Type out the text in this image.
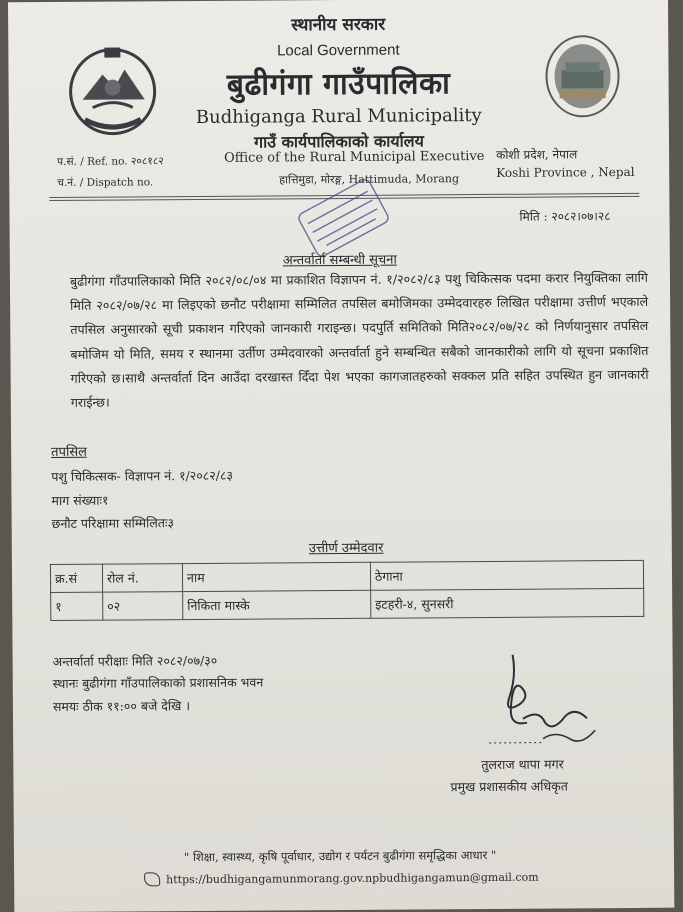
स्थानीय सरकार
Local Government
बुढीगंगा गाउँपालिका
Budhiganga Rural Municipality
गाउँ कार्यपालिकाको कार्यालय
प.सं. / Ref. no. २०८१८२
च.नं. / Dispatch no.
Office of the Rural Municipal Executive
हात्तिमुडा, मोरङ्ग, Hattimuda, Morang
कोशी प्रदेश, नेपाल
Koshi Province , Nepal
मिति : २०८२।०७।२८
अन्तर्वार्ता सम्बन्धी सूचना
बुढीगंगा गाँउपालिकाको मिति २०८२/०८/०४ मा प्रकाशित विज्ञापन नं. १/२०८२/८३ पशु चिकित्सक पदमा करार नियुक्तिका लागि मिति २०८२/०७/२८ मा लिइएको छनौट परीक्षामा सम्मिलित तपसिल बमोजिमका उम्मेदवारहरु लिखित परीक्षामा उत्तीर्ण भएकाले तपसिल अनुसारको सूची प्रकाशन गरिएको जानकारी गराइन्छ। पदपुर्ति समितिको मिति२०८२/०७/२८ को निर्णयानुसार तपसिल बमोजिम यो मिति, समय र स्थानमा उर्तीण उम्मेदवारको अन्तर्वार्ता हुने सम्बन्धित सबैको जानकारीको लागि यो सूचना प्रकाशित गरिएको छ।साथै अन्तर्वार्ता दिन आउँदा दरखास्त दिँदा पेश भएका कागजातहरुको सक्कल प्रति सहित उपस्थित हुन जानकारी गराईन्छ।
तपसिल
पशु चिकित्सक- विज्ञापन नं. १/२०८२/८३
माग संख्याः१
छनौट परिक्षामा सम्मिलितः३
उत्तीर्ण उम्मेदवार
क्र.सं	रोल नं.	नाम	ठेगाना
१	०२	निकिता मास्के	इटहरी-४, सुनसरी
अन्तर्वार्ता परीक्षाः मिति २०८२/०७/३०
स्थानः बुढीगंगा गाँउपालिकाको प्रशासनिक भवन
समयः ठीक ११:०० बजे देखि ।
तुलराज थापा मगर
प्रमुख प्रशासकीय अधिकृत
" शिक्षा, स्वास्थ्य, कृषि पूर्वाधार, उद्योग र पर्यटन बुढीगंगा समृद्धिका आधार "
https://budhigangamunmorang.gov.npbudhigangamun@gmail.com
